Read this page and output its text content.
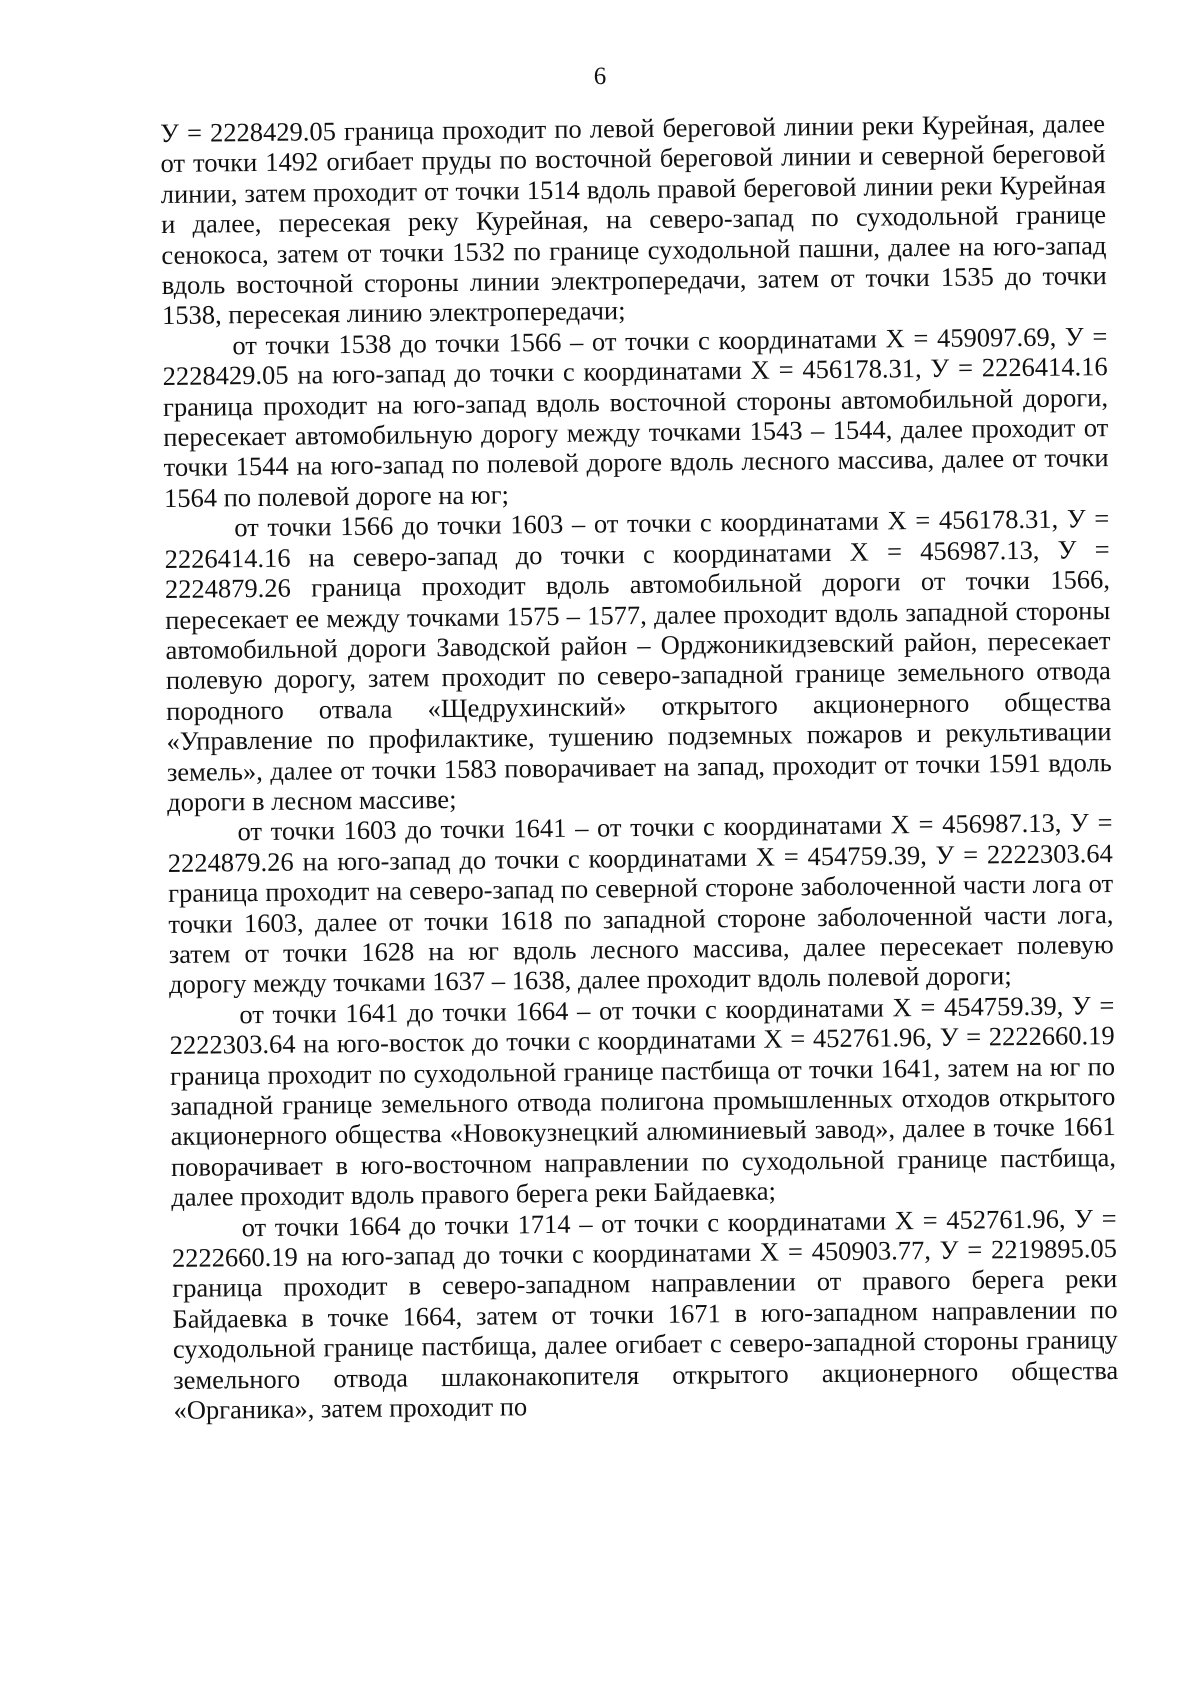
6

У = 2228429.05 граница проходит по левой береговой линии реки Курейная, далее от точки 1492 огибает пруды по восточной береговой линии и северной береговой линии, затем проходит от точки 1514 вдоль правой береговой линии реки Курейная и далее, пересекая реку Курейная, на северо-запад по суходольной границе сенокоса, затем от точки 1532 по границе суходольной пашни, далее на юго-запад вдоль восточной стороны линии электропередачи, затем от точки 1535 до точки 1538, пересекая линию электропередачи;

от точки 1538 до точки 1566 – от точки с координатами Х = 459097.69, У = 2228429.05 на юго-запад до точки с координатами Х = 456178.31, У = 2226414.16 граница проходит на юго-запад вдоль восточной стороны автомобильной дороги, пересекает автомобильную дорогу между точками 1543 – 1544, далее проходит от точки 1544 на юго-запад по полевой дороге вдоль лесного массива, далее от точки 1564 по полевой дороге на юг;

от точки 1566 до точки 1603 – от точки с координатами Х = 456178.31, У = 2226414.16 на северо-запад до точки с координатами Х = 456987.13, У = 2224879.26 граница проходит вдоль автомобильной дороги от точки 1566, пересекает ее между точками 1575 – 1577, далее проходит вдоль западной стороны автомобильной дороги Заводской район – Орджоникидзевский район, пересекает полевую дорогу, затем проходит по северо-западной границе земельного отвода породного отвала «Щедрухинский» открытого акционерного общества «Управление по профилактике, тушению подземных пожаров и рекультивации земель», далее от точки 1583 поворачивает на запад, проходит от точки 1591 вдоль дороги в лесном массиве;

от точки 1603 до точки 1641 – от точки с координатами Х = 456987.13, У = 2224879.26 на юго-запад до точки с координатами Х = 454759.39, У = 2222303.64 граница проходит на северо-запад по северной стороне заболоченной части лога от точки 1603, далее от точки 1618 по западной стороне заболоченной части лога, затем от точки 1628 на юг вдоль лесного массива, далее пересекает полевую дорогу между точками 1637 – 1638, далее проходит вдоль полевой дороги;

от точки 1641 до точки 1664 – от точки с координатами Х = 454759.39, У = 2222303.64 на юго-восток до точки с координатами Х = 452761.96, У = 2222660.19 граница проходит по суходольной границе пастбища от точки 1641, затем на юг по западной границе земельного отвода полигона промышленных отходов открытого акционерного общества «Новокузнецкий алюминиевый завод», далее в точке 1661 поворачивает в юго-восточном направлении по суходольной границе пастбища, далее проходит вдоль правого берега реки Байдаевка;

от точки 1664 до точки 1714 – от точки с координатами Х = 452761.96, У = 2222660.19 на юго-запад до точки с координатами Х = 450903.77, У = 2219895.05 граница проходит в северо-западном направлении от правого берега реки Байдаевка в точке 1664, затем от точки 1671 в юго-западном направлении по суходольной границе пастбища, далее огибает с северо-западной стороны границу земельного отвода шлаконакопителя открытого акционерного общества «Органика», затем проходит по
